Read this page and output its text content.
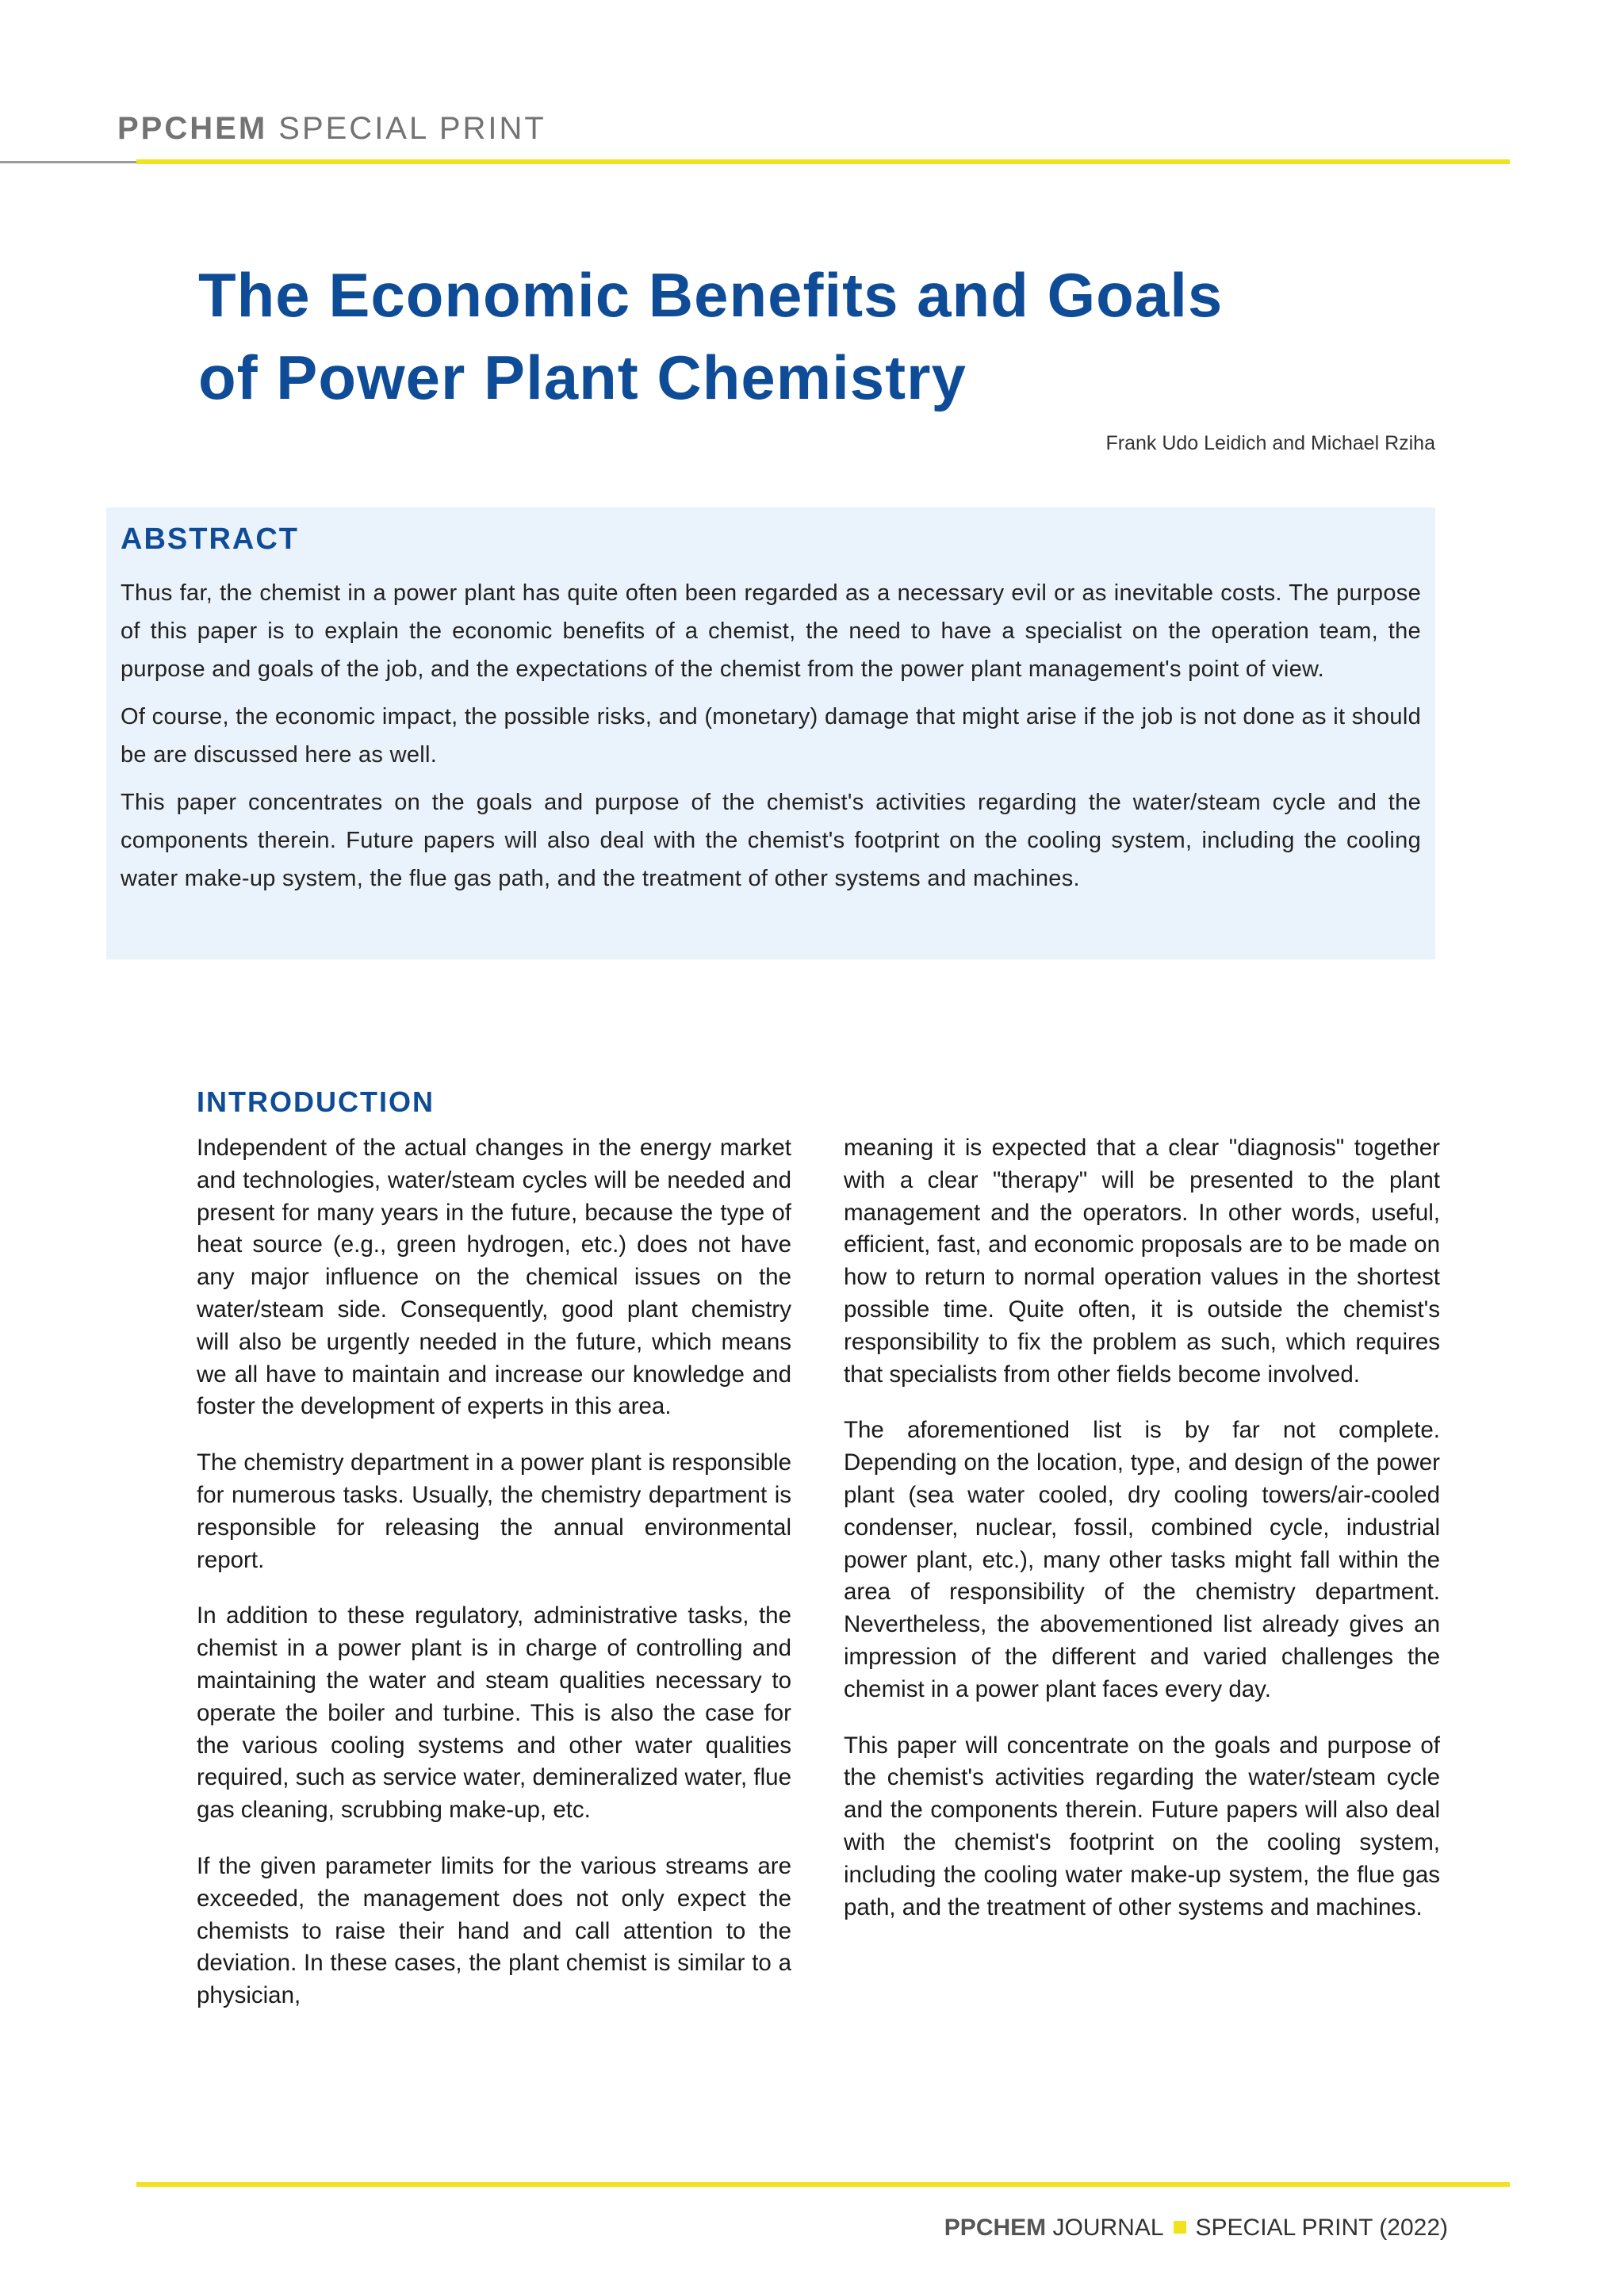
PPCHEM SPECIAL PRINT
The Economic Benefits and Goals
of Power Plant Chemistry
Frank Udo Leidich and Michael Rziha
ABSTRACT

Thus far, the chemist in a power plant has quite often been regarded as a necessary evil or as inevitable costs. The purpose of this paper is to explain the economic benefits of a chemist, the need to have a specialist on the operation team, the purpose and goals of the job, and the expectations of the chemist from the power plant management's point of view.

Of course, the economic impact, the possible risks, and (monetary) damage that might arise if the job is not done as it should be are discussed here as well.

This paper concentrates on the goals and purpose of the chemist's activities regarding the water/steam cycle and the components therein. Future papers will also deal with the chemist's footprint on the cooling system, including the cooling water make-up system, the flue gas path, and the treatment of other systems and machines.

INTRODUCTION

Independent of the actual changes in the energy market and technologies, water/steam cycles will be needed and present for many years in the future, because the type of heat source (e.g., green hydrogen, etc.) does not have any major influence on the chemical issues on the water/steam side. Consequently, good plant chemistry will also be urgently needed in the future, which means we all have to maintain and increase our knowledge and foster the development of experts in this area.

The chemistry department in a power plant is responsible for numerous tasks. Usually, the chemistry department is responsible for releasing the annual environmental report.

In addition to these regulatory, administrative tasks, the chemist in a power plant is in charge of controlling and maintaining the water and steam qualities necessary to operate the boiler and turbine. This is also the case for the various cooling systems and other water qualities required, such as service water, demineralized water, flue gas cleaning, scrubbing make-up, etc.

If the given parameter limits for the various streams are exceeded, the management does not only expect the chemists to raise their hand and call attention to the deviation. In these cases, the plant chemist is similar to a physician,

meaning it is expected that a clear "diagnosis" together with a clear "therapy" will be presented to the plant management and the operators. In other words, useful, efficient, fast, and economic proposals are to be made on how to return to normal operation values in the shortest possible time. Quite often, it is outside the chemist's responsibility to fix the problem as such, which requires that specialists from other fields become involved.

The aforementioned list is by far not complete. Depending on the location, type, and design of the power plant (sea water cooled, dry cooling towers/air-cooled condenser, nuclear, fossil, combined cycle, industrial power plant, etc.), many other tasks might fall within the area of responsibility of the chemistry department. Nevertheless, the abovementioned list already gives an impression of the different and varied challenges the chemist in a power plant faces every day.

This paper will concentrate on the goals and purpose of the chemist's activities regarding the water/steam cycle and the components therein. Future papers will also deal with the chemist's footprint on the cooling system, including the cooling water make-up system, the flue gas path, and the treatment of other systems and machines.

PPCHEM JOURNAL SPECIAL PRINT (2022)
